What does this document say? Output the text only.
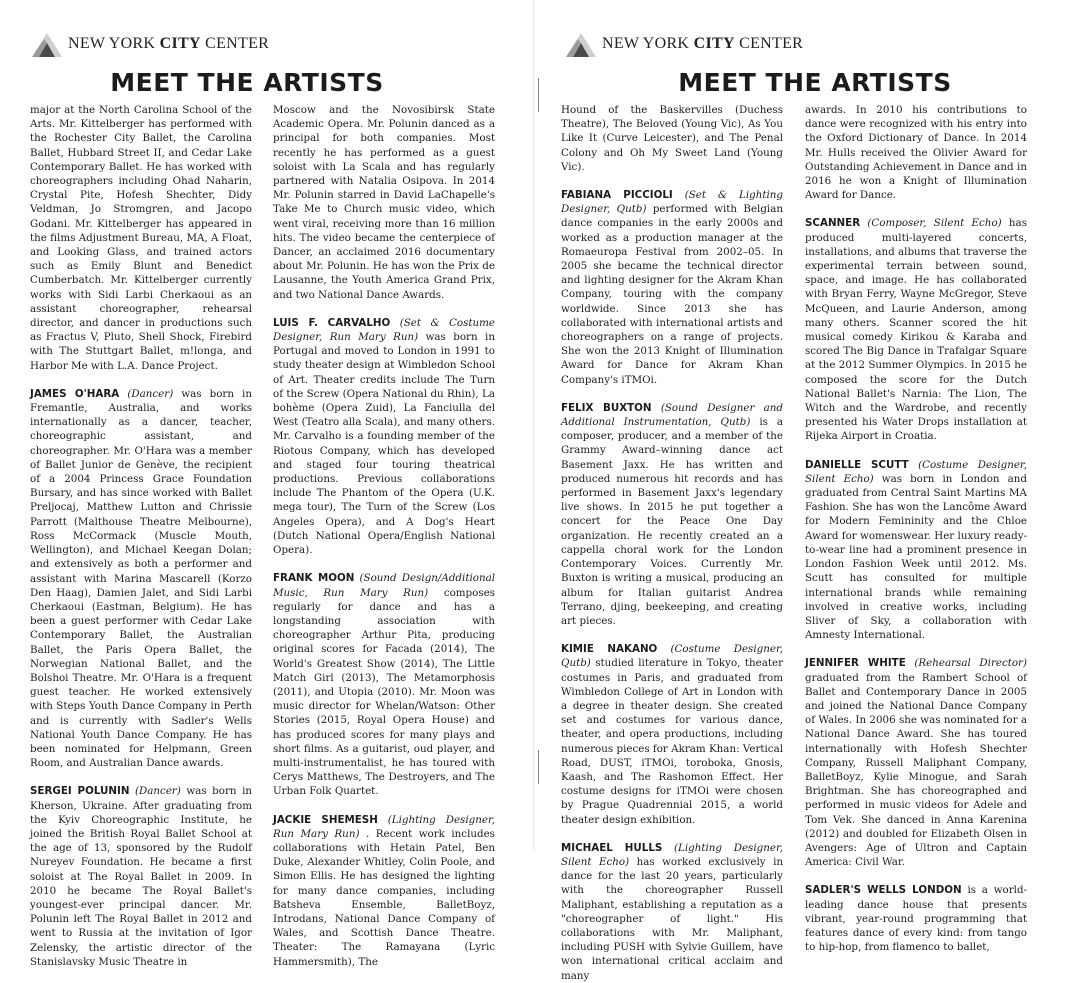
NEW YORK CITY CENTER
MEET THE ARTISTS

major at the North Carolina School of the Arts. Mr. Kittelberger has performed with the Rochester City Ballet, the Carolina Ballet, Hubbard Street II, and Cedar Lake Contemporary Ballet. He has worked with choreographers including Ohad Naharin, Crystal Pite, Hofesh Shechter, Didy Veldman, Jo Stromgren, and Jacopo Godani. Mr. Kittelberger has appeared in the films Adjustment Bureau, MA, A Float, and Looking Glass, and trained actors such as Emily Blunt and Benedict Cumberbatch. Mr. Kittelberger currently works with Sidi Larbi Cherkaoui as an assistant choreographer, rehearsal director, and dancer in productions such as Fractus V, Pluto, Shell Shock, Firebird with The Stuttgart Ballet, m!longa, and Harbor Me with L.A. Dance Project.

JAMES O'HARA (Dancer) was born in Fremantle, Australia, and works internationally as a dancer, teacher, choreographic assistant, and choreographer. Mr. O'Hara was a member of Ballet Junior de Genève, the recipient of a 2004 Princess Grace Foundation Bursary, and has since worked with Ballet Preljocaj, Matthew Lutton and Chrissie Parrott (Malthouse Theatre Melbourne), Ross McCormack (Muscle Mouth, Wellington), and Michael Keegan Dolan; and extensively as both a performer and assistant with Marina Mascarell (Korzo Den Haag), Damien Jalet, and Sidi Larbi Cherkaoui (Eastman, Belgium). He has been a guest performer with Cedar Lake Contemporary Ballet, the Australian Ballet, the Paris Opera Ballet, the Norwegian National Ballet, and the Bolshoi Theatre. Mr. O'Hara is a frequent guest teacher. He worked extensively with Steps Youth Dance Company in Perth and is currently with Sadler's Wells National Youth Dance Company. He has been nominated for Helpmann, Green Room, and Australian Dance awards.

SERGEI POLUNIN (Dancer) was born in Kherson, Ukraine. After graduating from the Kyiv Choreographic Institute, he joined the British Royal Ballet School at the age of 13, sponsored by the Rudolf Nureyev Foundation. He became a first soloist at The Royal Ballet in 2009. In 2010 he became The Royal Ballet's youngest-ever principal dancer. Mr. Polunin left The Royal Ballet in 2012 and went to Russia at the invitation of Igor Zelensky, the artistic director of the Stanislavsky Music Theatre in

Moscow and the Novosibirsk State Academic Opera. Mr. Polunin danced as a principal for both companies. Most recently he has performed as a guest soloist with La Scala and has regularly partnered with Natalia Osipova. In 2014 Mr. Polunin starred in David LaChapelle's Take Me to Church music video, which went viral, receiving more than 16 million hits. The video became the centerpiece of Dancer, an acclaimed 2016 documentary about Mr. Polunin. He has won the Prix de Lausanne, the Youth America Grand Prix, and two National Dance Awards.

LUIS F. CARVALHO (Set & Costume Designer, Run Mary Run) was born in Portugal and moved to London in 1991 to study theater design at Wimbledon School of Art. Theater credits include The Turn of the Screw (Opera National du Rhin), La bohème (Opera Zuid), La Fanciulla del West (Teatro alla Scala), and many others. Mr. Carvalho is a founding member of the Riotous Company, which has developed and staged four touring theatrical productions. Previous collaborations include The Phantom of the Opera (U.K. mega tour), The Turn of the Screw (Los Angeles Opera), and A Dog's Heart (Dutch National Opera/English National Opera).

FRANK MOON (Sound Design/Additional Music, Run Mary Run) composes regularly for dance and has a longstanding association with choreographer Arthur Pita, producing original scores for Facada (2014), The World's Greatest Show (2014), The Little Match Girl (2013), The Metamorphosis (2011), and Utopia (2010). Mr. Moon was music director for Whelan/Watson: Other Stories (2015, Royal Opera House) and has produced scores for many plays and short films. As a guitarist, oud player, and multi-instrumentalist, he has toured with Cerys Matthews, The Destroyers, and The Urban Folk Quartet.

JACKIE SHEMESH (Lighting Designer, Run Mary Run) . Recent work includes collaborations with Hetain Patel, Ben Duke, Alexander Whitley, Colin Poole, and Simon Ellis. He has designed the lighting for many dance companies, including Batsheva Ensemble, BalletBoyz, Introdans, National Dance Company of Wales, and Scottish Dance Theatre. Theater: The Ramayana (Lyric Hammersmith), The

NEW YORK CITY CENTER
MEET THE ARTISTS

Hound of the Baskervilles (Duchess Theatre), The Beloved (Young Vic), As You Like It (Curve Leicester), and The Penal Colony and Oh My Sweet Land (Young Vic).

FABIANA PICCIOLI (Set & Lighting Designer, Qutb) performed with Belgian dance companies in the early 2000s and worked as a production manager at the Romaeuropa Festival from 2002–05. In 2005 she became the technical director and lighting designer for the Akram Khan Company, touring with the company worldwide. Since 2013 she has collaborated with international artists and choreographers on a range of projects. She won the 2013 Knight of Illumination Award for Dance for Akram Khan Company's iTMOi.

FELIX BUXTON (Sound Designer and Additional Instrumentation, Qutb) is a composer, producer, and a member of the Grammy Award–winning dance act Basement Jaxx. He has written and produced numerous hit records and has performed in Basement Jaxx's legendary live shows. In 2015 he put together a concert for the Peace One Day organization. He recently created an a cappella choral work for the London Contemporary Voices. Currently Mr. Buxton is writing a musical, producing an album for Italian guitarist Andrea Terrano, djing, beekeeping, and creating art pieces.

KIMIE NAKANO (Costume Designer, Qutb) studied literature in Tokyo, theater costumes in Paris, and graduated from Wimbledon College of Art in London with a degree in theater design. She created set and costumes for various dance, theater, and opera productions, including numerous pieces for Akram Khan: Vertical Road, DUST, iTMOi, toroboka, Gnosis, Kaash, and The Rashomon Effect. Her costume designs for iTMOi were chosen by Prague Quadrennial 2015, a world theater design exhibition.

MICHAEL HULLS (Lighting Designer, Silent Echo) has worked exclusively in dance for the last 20 years, particularly with the choreographer Russell Maliphant, establishing a reputation as a "choreographer of light." His collaborations with Mr. Maliphant, including PUSH with Sylvie Guillem, have won international critical acclaim and many

awards. In 2010 his contributions to dance were recognized with his entry into the Oxford Dictionary of Dance. In 2014 Mr. Hulls received the Olivier Award for Outstanding Achievement in Dance and in 2016 he won a Knight of Illumination Award for Dance.

SCANNER (Composer, Silent Echo) has produced multi-layered concerts, installations, and albums that traverse the experimental terrain between sound, space, and image. He has collaborated with Bryan Ferry, Wayne McGregor, Steve McQueen, and Laurie Anderson, among many others. Scanner scored the hit musical comedy Kirikou & Karaba and scored The Big Dance in Trafalgar Square at the 2012 Summer Olympics. In 2015 he composed the score for the Dutch National Ballet's Narnia: The Lion, The Witch and the Wardrobe, and recently presented his Water Drops installation at Rijeka Airport in Croatia.

DANIELLE SCUTT (Costume Designer, Silent Echo) was born in London and graduated from Central Saint Martins MA Fashion. She has won the Lancôme Award for Modern Femininity and the Chloe Award for womenswear. Her luxury ready-to-wear line had a prominent presence in London Fashion Week until 2012. Ms. Scutt has consulted for multiple international brands while remaining involved in creative works, including Sliver of Sky, a collaboration with Amnesty International.

JENNIFER WHITE (Rehearsal Director) graduated from the Rambert School of Ballet and Contemporary Dance in 2005 and joined the National Dance Company of Wales. In 2006 she was nominated for a National Dance Award. She has toured internationally with Hofesh Shechter Company, Russell Maliphant Company, BalletBoyz, Kylie Minogue, and Sarah Brightman. She has choreographed and performed in music videos for Adele and Tom Vek. She danced in Anna Karenina (2012) and doubled for Elizabeth Olsen in Avengers: Age of Ultron and Captain America: Civil War.

SADLER'S WELLS LONDON is a world-leading dance house that presents vibrant, year-round programming that features dance of every kind: from tango to hip-hop, from flamenco to ballet,
